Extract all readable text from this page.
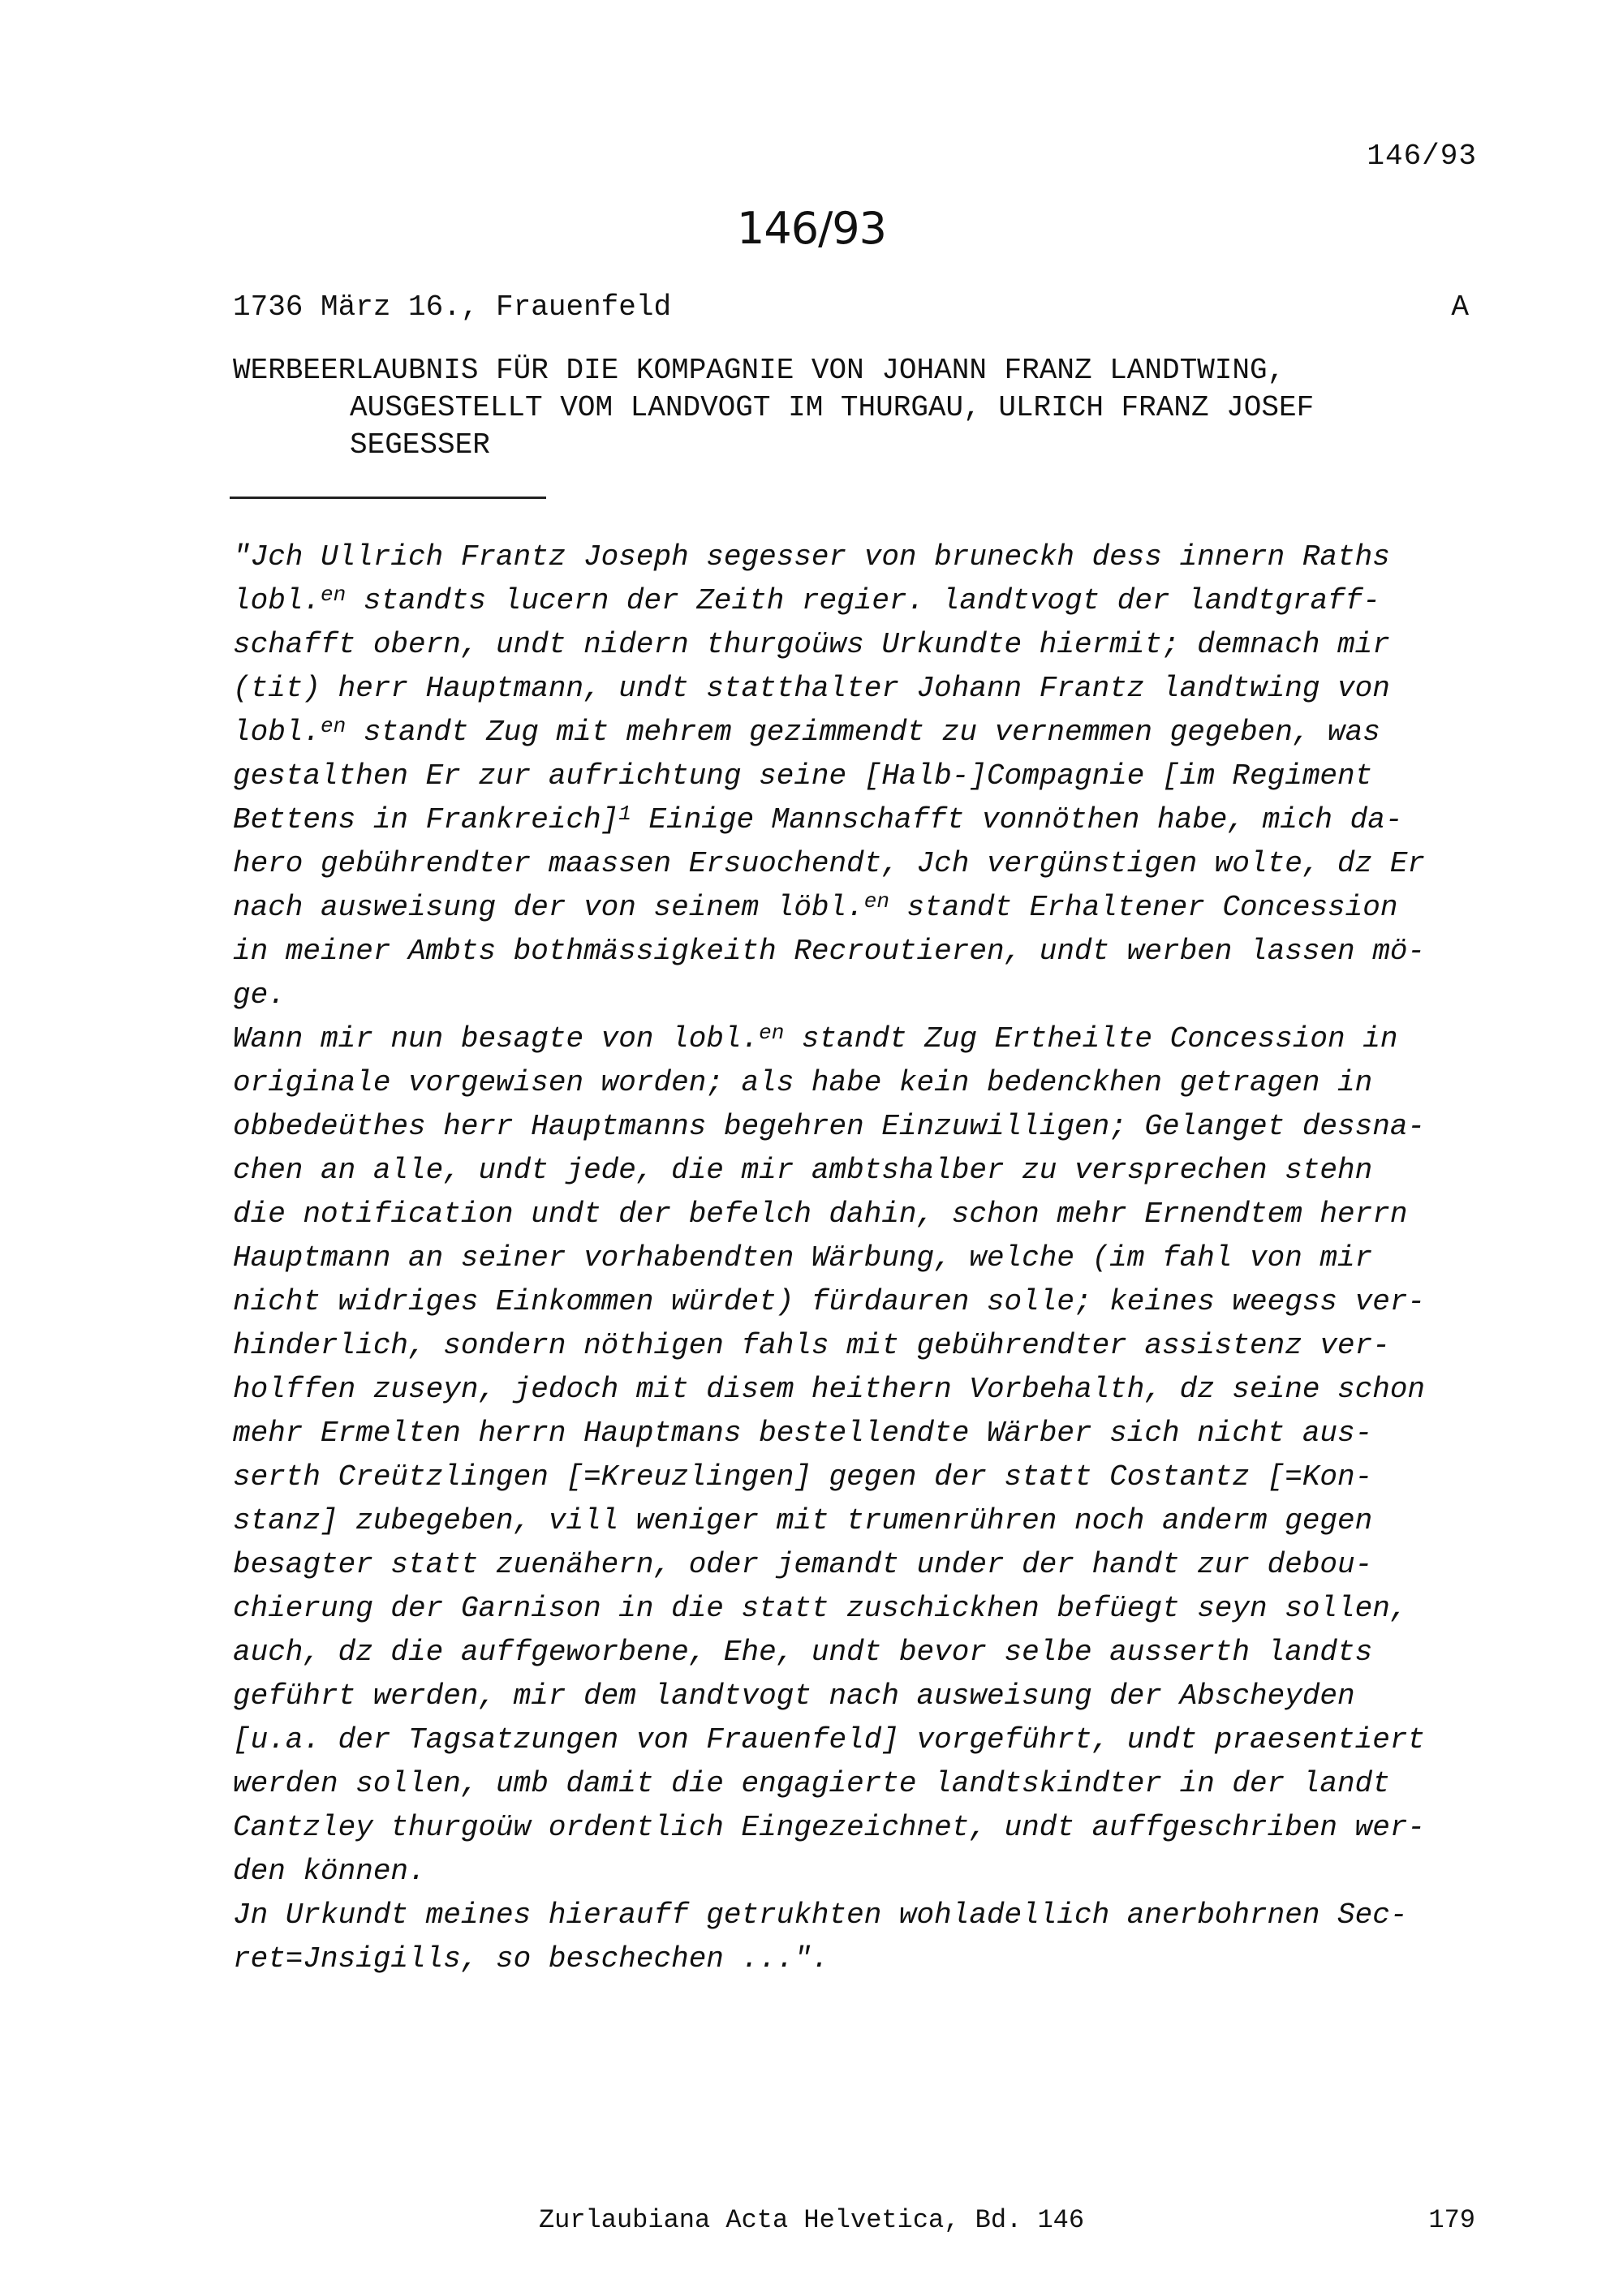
146/93
146/93
1736 März 16., Frauenfeld	A
WERBEERLAUBNIS FÜR DIE KOMPAGNIE VON JOHANN FRANZ LANDTWING,

AUSGESTELLT VOM LANDVOGT IM THURGAU, ULRICH FRANZ JOSEF
SEGESSER
"Jch Ullrich Frantz Joseph segesser von bruneckh dess innern Raths
lobl.$^{en}$ standts lucern der Zeith regier. landtvogt der landtgraff-
schafft obern, undt nidern thurgoüws Urkundte hiermit; demnach mir
(tit) herr Hauptmann, undt statthalter Johann Frantz landtwing von
lobl.$^{en}$ standt Zug mit mehrem gezimmendt zu vernemmen gegeben, was
gestalthen Er zur aufrichtung seine [Halb-]Compagnie [im Regiment
Bettens in Frankreich]$^1$ Einige Mannschafft vonnöthen habe, mich da-
hero gebührendter maassen Ersuochendt, Jch vergünstigen wolte, dz Er
nach ausweisung der von seinem löbl.$^{en}$ standt Erhaltener Concession
in meiner Ambts bothmässigkeith Recroutieren, undt werben lassen mö-
ge.
Wann mir nun besagte von lobl.$^{en}$ standt Zug Ertheilte Concession in
originale vorgewisen worden; als habe kein bedenckhen getragen in
obbedeüthes herr Hauptmanns begehren Einzuwilligen; Gelanget dessna-
chen an alle, undt jede, die mir ambtshalber zu versprechen stehn
die notification undt der befelch dahin, schon mehr Ernendtem herrn
Hauptmann an seiner vorhabendten Wärbung, welche (im fahl von mir
nicht widriges Einkommen würdet) fürdauren solle; keines weegss ver-
hinderlich, sondern nöthigen fahls mit gebührendter assistenz ver-
holffen zuseyn, jedoch mit disem heithern Vorbehalth, dz seine schon
mehr Ermelten herrn Hauptmans bestellendte Wärber sich nicht aus-
serth Creützlingen [=Kreuzlingen] gegen der statt Costantz [=Kon-
stanz] zubegeben, vill weniger mit trumenrühren noch anderm gegen
besagter statt zuenähern, oder jemandt under der handt zur debou-
chierung der Garnison in die statt zuschickhen befüegt seyn sollen,
auch, dz die auffgeworbene, Ehe, undt bevor selbe ausserth landts
geführt werden, mir dem landtvogt nach ausweisung der Abscheyden
[u.a. der Tagsatzungen von Frauenfeld] vorgeführt, undt praesentiert
werden sollen, umb damit die engagierte landtskindter in der landt
Cantzley thurgoüw ordentlich Eingezeichnet, undt auffgeschriben wer-
den können.
Jn Urkundt meines hierauff getrukhten wohladellich anerbohrnen Sec-
ret=Jnsigills, so beschechen ...".
Zurlaubiana Acta Helvetica, Bd. 146	179
